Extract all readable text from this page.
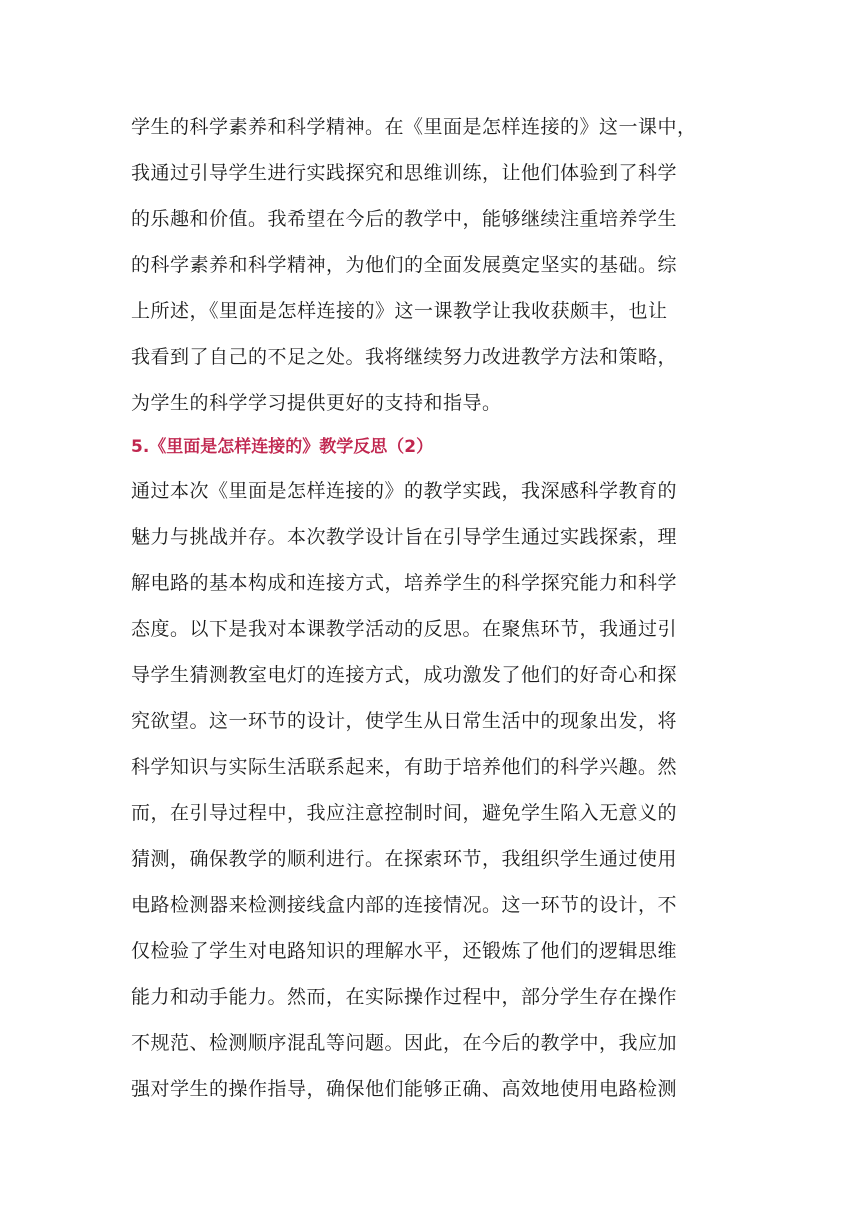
学生的科学素养和科学精神。在《里面是怎样连接的》这一课中，
我通过引导学生进行实践探究和思维训练，让他们体验到了科学
的乐趣和价值。我希望在今后的教学中，能够继续注重培养学生
的科学素养和科学精神，为他们的全面发展奠定坚实的基础。综
上所述，《里面是怎样连接的》这一课教学让我收获颇丰，也让
我看到了自己的不足之处。我将继续努力改进教学方法和策略，
为学生的科学学习提供更好的支持和指导。
5.《里面是怎样连接的》教学反思（2）
通过本次《里面是怎样连接的》的教学实践，我深感科学教育的
魅力与挑战并存。本次教学设计旨在引导学生通过实践探索，理
解电路的基本构成和连接方式，培养学生的科学探究能力和科学
态度。以下是我对本课教学活动的反思。在聚焦环节，我通过引
导学生猜测教室电灯的连接方式，成功激发了他们的好奇心和探
究欲望。这一环节的设计，使学生从日常生活中的现象出发，将
科学知识与实际生活联系起来，有助于培养他们的科学兴趣。然
而，在引导过程中，我应注意控制时间，避免学生陷入无意义的
猜测，确保教学的顺利进行。在探索环节，我组织学生通过使用
电路检测器来检测接线盒内部的连接情况。这一环节的设计，不
仅检验了学生对电路知识的理解水平，还锻炼了他们的逻辑思维
能力和动手能力。然而，在实际操作过程中，部分学生存在操作
不规范、检测顺序混乱等问题。因此，在今后的教学中，我应加
强对学生的操作指导，确保他们能够正确、高效地使用电路检测
